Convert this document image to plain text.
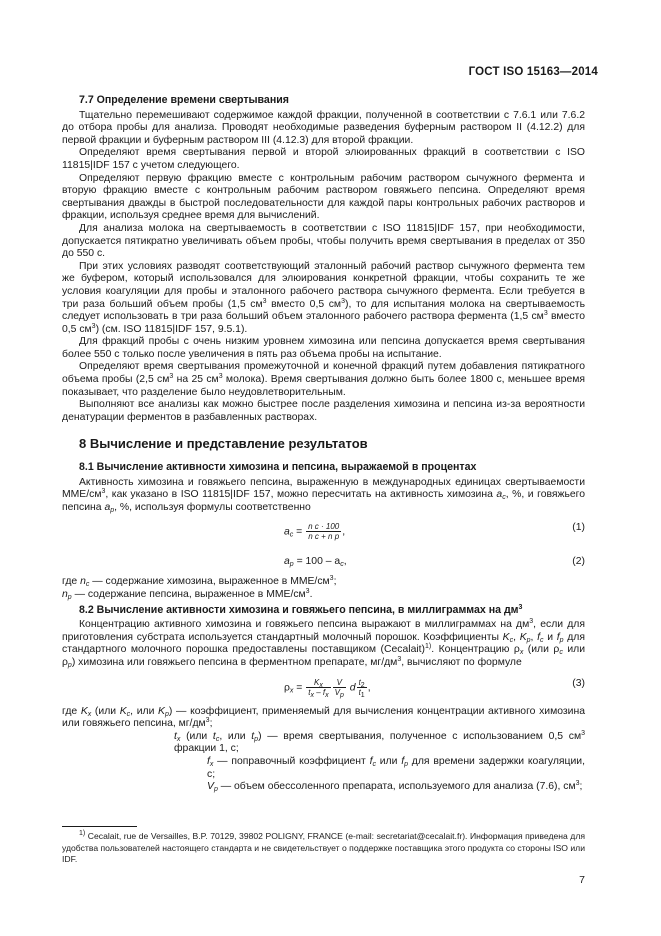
ГОСТ ISO 15163—2014
7.7 Определение времени свертывания

Тщательно перемешивают содержимое каждой фракции, полученной в соответствии с 7.6.1 или 7.6.2 до отбора пробы для анализа. Проводят необходимые разведения буферным раствором II (4.12.2) для первой фракции и буферным раствором III (4.12.3) для второй фракции.

Определяют время свертывания первой и второй элюированных фракций в соответствии с ISO 11815|IDF 157 с учетом следующего.

Определяют первую фракцию вместе с контрольным рабочим раствором сычужного фермента и вторую фракцию вместе с контрольным рабочим раствором говяжьего пепсина. Определяют время свертывания дважды в быстрой последовательности для каждой пары контрольных рабочих растворов и фракции, используя среднее время для вычислений.

Для анализа молока на свертываемость в соответствии с ISO 11815|IDF 157, при необходимости, допускается пятикратно увеличивать объем пробы, чтобы получить время свертывания в пределах от 350 до 550 с.

При этих условиях разводят соответствующий эталонный рабочий раствор сычужного фермента тем же буфером, который использовался для элюирования конкретной фракции, чтобы сохранить те же условия коагуляции для пробы и эталонного рабочего раствора сычужного фермента. Если требуется в три раза больший объем пробы (1,5 $см^3$ вместо 0,5 $см^3$), то для испытания молока на свертываемость следует использовать в три раза больший объем эталонного рабочего раствора фермента (1,5 $см^3$ вместо 0,5 $см^3$) (см. ISO 11815|IDF 157, 9.5.1).

Для фракций пробы с очень низким уровнем химозина или пепсина допускается время свертывания более 550 с только после увеличения в пять раз объема пробы на испытание.

Определяют время свертывания промежуточной и конечной фракций путем добавления пятикратного объема пробы (2,5 $см^3$ на 25 $см^3$ молока). Время свертывания должно быть более 1800 с, меньшее время показывает, что разделение было неудовлетворительным.

Выполняют все анализы как можно быстрее после разделения химозина и пепсина из-за вероятности денатурации ферментов в разбавленных растворах.

8 Вычисление и представление результатов
8.1 Вычисление активности химозина и пепсина, выражаемой в процентах

Активность химозина и говяжьего пепсина, выраженную в международных единицах свертываемости ММЕ/$см^3$, как указано в ISO 11815|IDF 157, можно пересчитать на активность химозина $a_c$, %, и говяжьего пепсина $a_p$, %, используя формулы соответственно

$a_c = \frac{\text{n c · 100}}{\text{n c + n p}}$ ,	(1)
$a_p = 100 - a_c$,	(2)

где $n_c$ — содержание химозина, выраженное в ММЕ/$см^3$;

$n_p$ — содержание пепсина, выраженное в ММЕ/$см^3$.

8.2 Вычисление активности химозина и говяжьего пепсина, в миллиграммах на $дм^3$

Концентрацию активного химозина и говяжьего пепсина выражают в миллиграммах на $дм^3$, если для приготовления субстрата используется стандартный молочный порошок. Коэффициенты $K_c$, $K_p$, $f_c$ и $f_p$ для стандартного молочного порошка предоставлены поставщиком (Cecalait)$^{1)}$. Концентрацию $\rho_x$ (или $\rho_c$ или $\rho_p$) химозина или говяжьего пепсина в ферментном препарате, $мг/дм^3$, вычисляют по формуле

$\rho_x = \frac{K_x}{t_x - f_x} \frac{V}{V_p}$ d $\frac{t_2}{t_1}$ ,	(3)

где $K_x$ (или $K_c$, или $K_p$) — коэффициент, применяемый для вычисления концентрации активного химозина или говяжьего пепсина, $мг/дм^3$;

$t_x$ (или $t_c$, или $t_p$) — время свертывания, полученное с использованием 0,5 $см^3$ фракции 1, с;

$f_x$ — поправочный коэффициент $f_c$ или $f_p$ для времени задержки коагуляции, с;

$V_p$ — объем обессоленного препарата, используемого для анализа (7.6), $см^3$;

$^{1)}$ Cecalait, rue de Versailles, B.P. 70129, 39802 POLIGNY, FRANCE (e-mail: secretariat@cecalait.fr). Информация приведена для удобства пользователей настоящего стандарта и не свидетельствует о поддержке поставщика этого продукта со стороны ISO или IDF.

7
